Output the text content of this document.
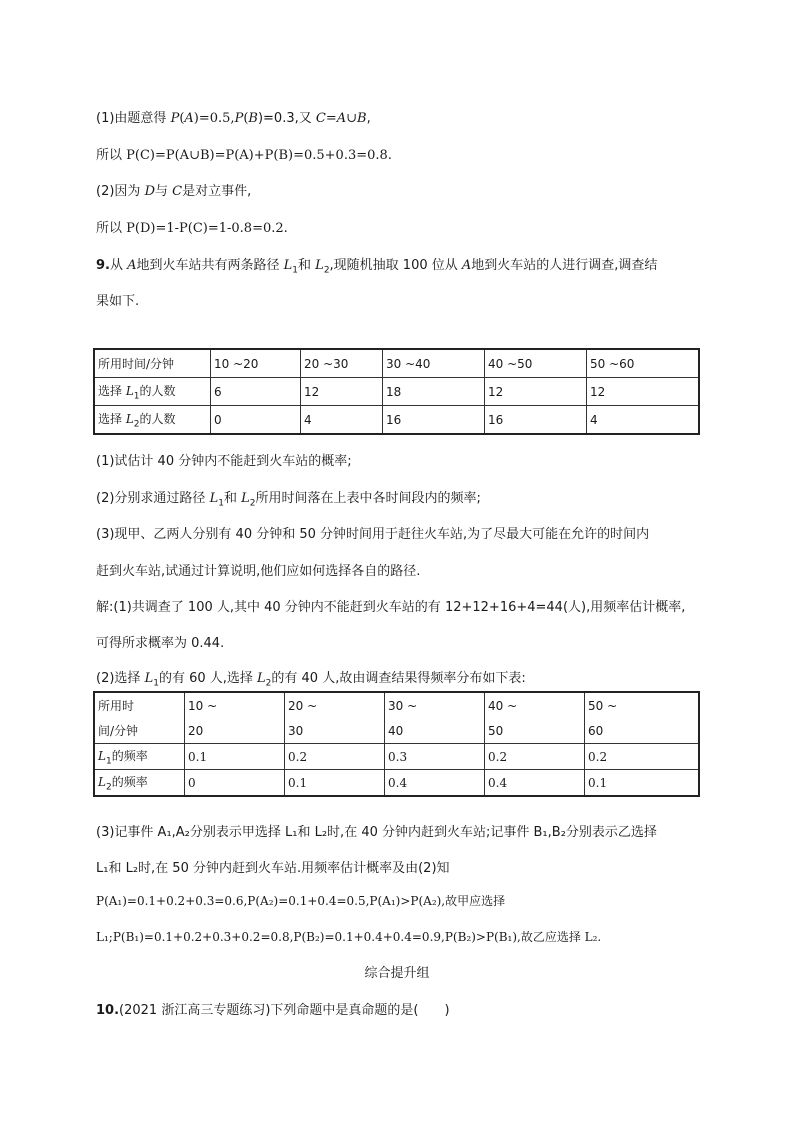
(1)由题意得 P(A)=0.5,P(B)=0.3,又 C=A∪B,
所以 P(C)=P(A∪B)=P(A)+P(B)=0.5+0.3=0.8.
(2)因为 D与 C是对立事件,
所以 P(D)=1-P(C)=1-0.8=0.2.
9.从 A地到火车站共有两条路径 $L_1$和 $L_2$,现随机抽取 100 位从 A地到火车站的人进行调查,调查结
果如下.
所用时间/分钟	10 ~20	20 ~30	30 ~40	40 ~50	50 ~60
选择 $L_1$的人数	6	12	18	12	12
选择 $L_2$的人数	0	4	16	16	4
(1)试估计 40 分钟内不能赶到火车站的概率;
(2)分别求通过路径 $L_1$和 $L_2$所用时间落在上表中各时间段内的频率;
(3)现甲、乙两人分别有 40 分钟和 50 分钟时间用于赶往火车站,为了尽最大可能在允许的时间内
赶到火车站,试通过计算说明,他们应如何选择各自的路径.
解:(1)共调查了 100 人,其中 40 分钟内不能赶到火车站的有 12+12+16+4=44(人),用频率估计概率,
可得所求概率为 0.44.
(2)选择 $L_1$的有 60 人,选择 $L_2$的有 40 人,故由调查结果得频率分布如下表:
所用时	10 ~	20 ~	30 ~	40 ~	50 ~
间/分钟	20	30	40	50	60
$L_1$的频率	0.1	0.2	0.3	0.2	0.2
$L_2$的频率	0	0.1	0.4	0.4	0.1
(3)记事件 A₁,A₂分别表示甲选择 L₁和 L₂时,在 40 分钟内赶到火车站;记事件 B₁,B₂分别表示乙选择
L₁和 L₂时,在 50 分钟内赶到火车站.用频率估计概率及由(2)知
P(A₁)=0.1+0.2+0.3=0.6,P(A₂)=0.1+0.4=0.5,P(A₁)>P(A₂),故甲应选择
L₁;P(B₁)=0.1+0.2+0.3+0.2=0.8,P(B₂)=0.1+0.4+0.4=0.9,P(B₂)>P(B₁),故乙应选择 L₂.
综合提升组
10.(2021 浙江高三专题练习)下列命题中是真命题的是(　　)
